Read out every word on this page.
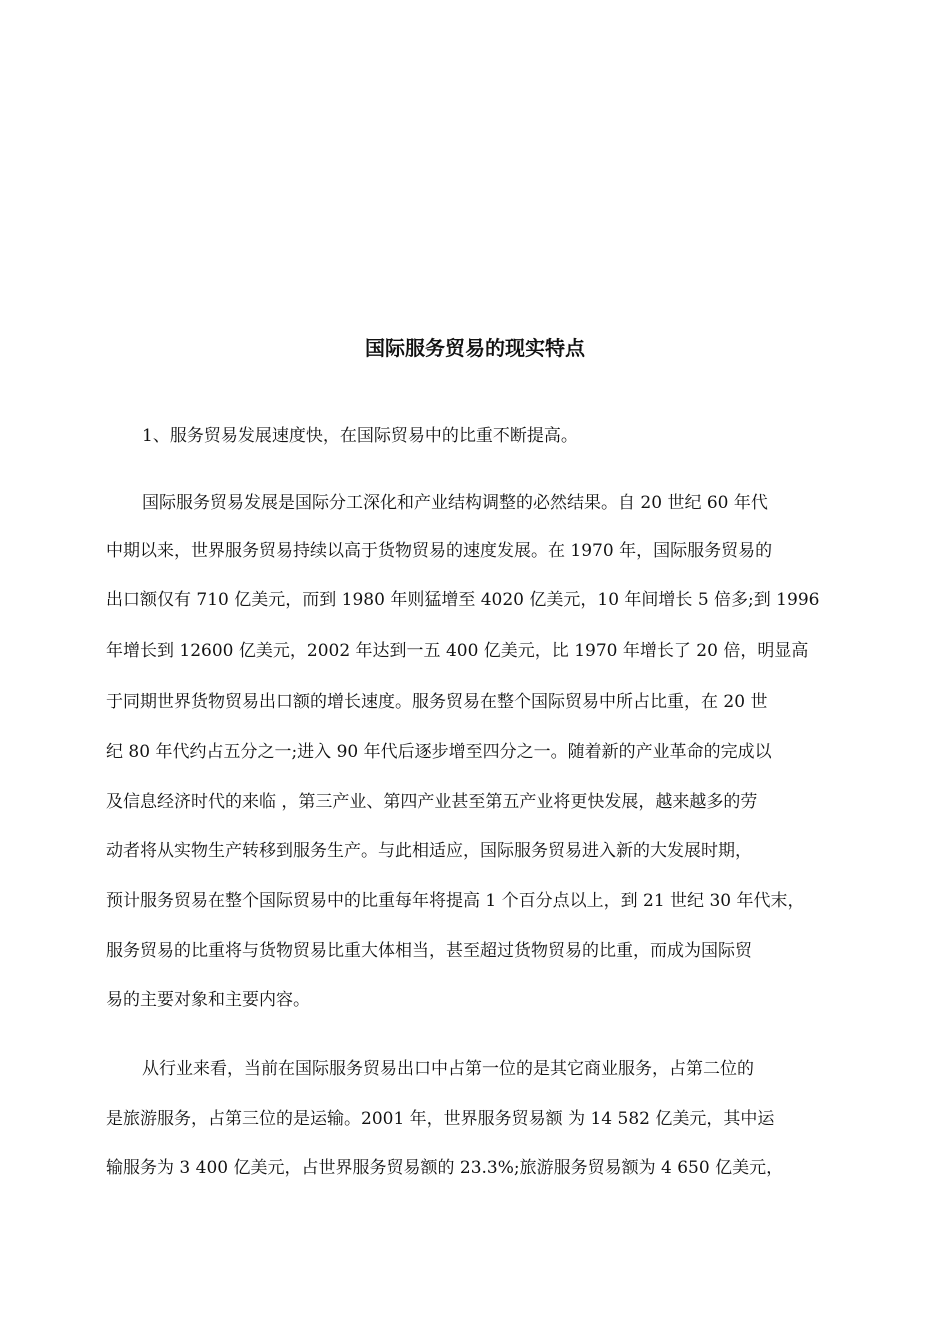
国际服务贸易的现实特点

1、服务贸易发展速度快，在国际贸易中的比重不断提高。

国际服务贸易发展是国际分工深化和产业结构调整的必然结果。自 20 世纪 60 年代

中期以来，世界服务贸易持续以高于货物贸易的速度发展。在 1970 年，国际服务贸易的

出口额仅有 710 亿美元，而到 1980 年则猛增至 4020 亿美元，10 年间增长 5 倍多;到 1996

年增长到 12600 亿美元，2002 年达到一五 400 亿美元，比 1970 年增长了 20 倍，明显高

于同期世界货物贸易出口额的增长速度。服务贸易在整个国际贸易中所占比重，在 20 世

纪 80 年代约占五分之一;进入 90 年代后逐步增至四分之一。随着新的产业革命的完成以

及信息经济时代的来临 ，第三产业、第四产业甚至第五产业将更快发展，越来越多的劳

动者将从实物生产转移到服务生产。与此相适应，国际服务贸易进入新的大发展时期，

预计服务贸易在整个国际贸易中的比重每年将提高 1 个百分点以上，到 21 世纪 30 年代末，

服务贸易的比重将与货物贸易比重大体相当，甚至超过货物贸易的比重，而成为国际贸

易的主要对象和主要内容。

从行业来看，当前在国际服务贸易出口中占第一位的是其它商业服务，占第二位的

是旅游服务，占第三位的是运输。2001 年，世界服务贸易额 为 14 582 亿美元，其中运

输服务为 3 400 亿美元，占世界服务贸易额的 23.3%;旅游服务贸易额为 4 650 亿美元，
